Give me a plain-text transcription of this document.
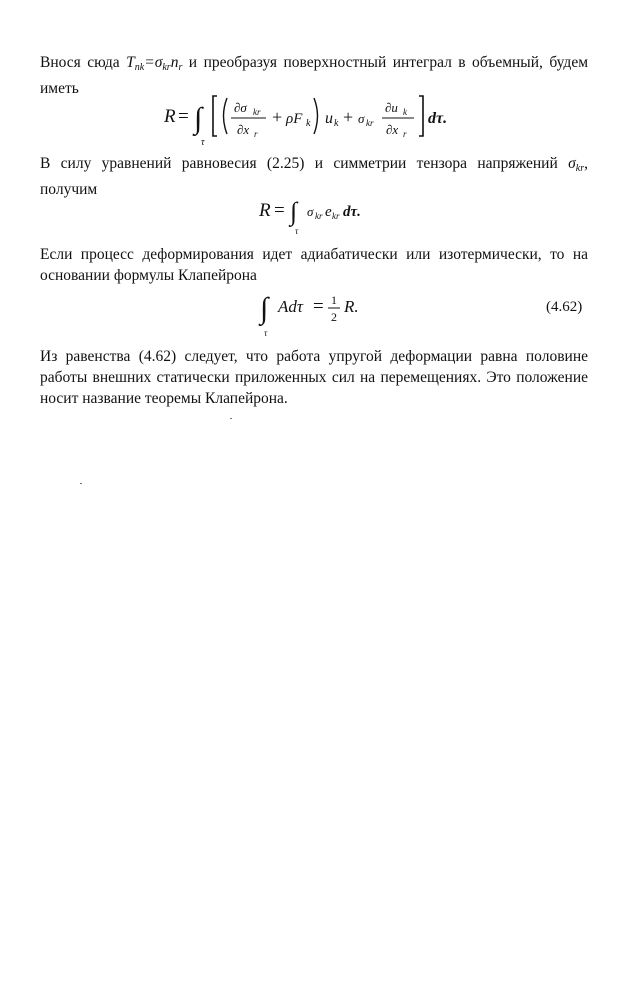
Внося сюда $T_{nk}=\sigma_{kr}n_r$ и преобразуя поверхностный интеграл в объемный, будем иметь

R = ∫
τ
∂σ kr
∂x r
+ ρF k u k + σ kr
∂u k
∂x r
dτ.

В силу уравнений равновесия (2.25) и симметрии тензора напряжений $\sigma_{kr}$, получим

R = ∫
τ
σ kr e kr dτ.

Если процесс деформирования идет адиабатически или изотермически, то на основании формулы Клапейрона

∫
τ
Adτ = 1
2
R.	(4.62)

Из равенства (4.62) следует, что работа упругой деформации равна половине работы внешних статически приложенных сил на перемещениях. Это положение носит название теоремы Клапейрона.
